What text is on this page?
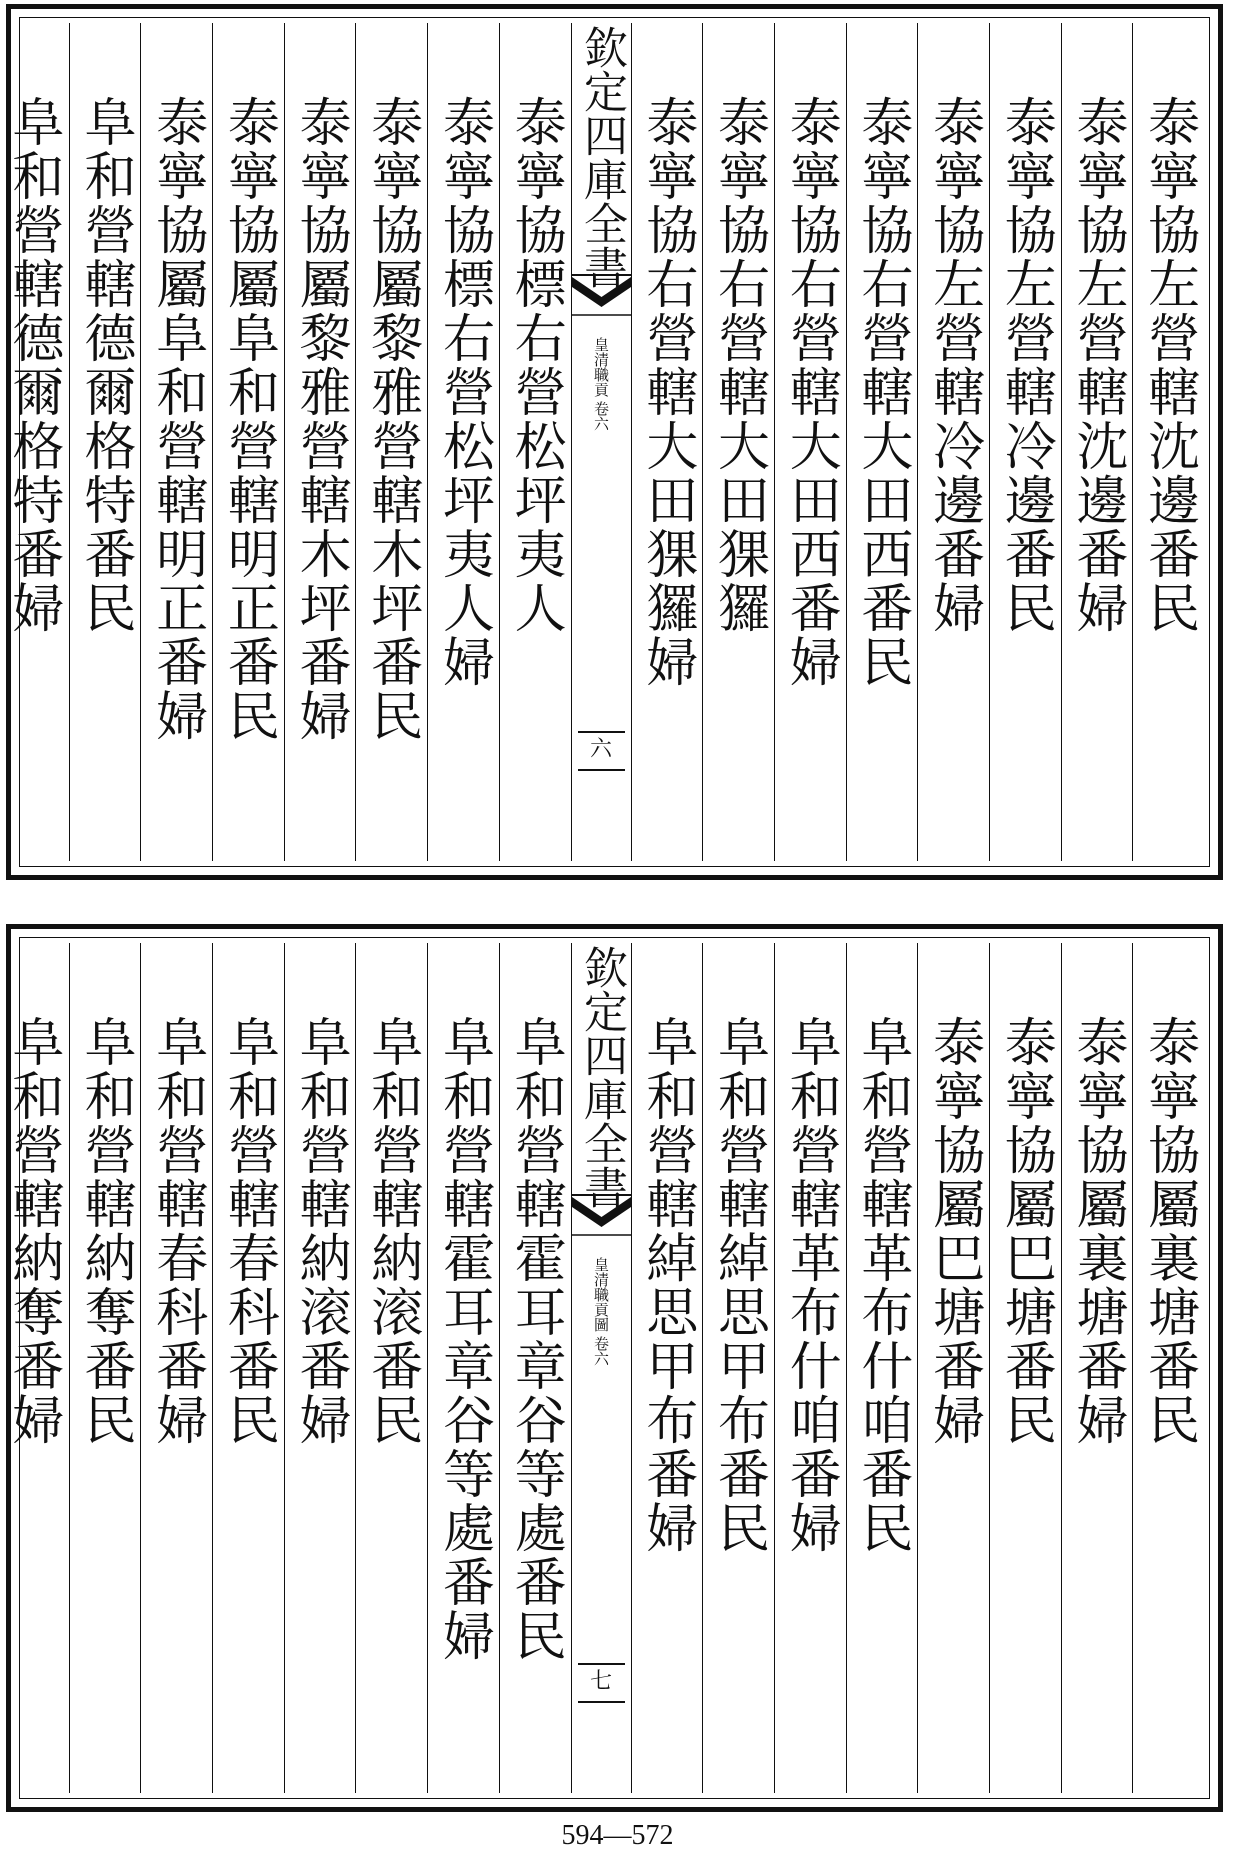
泰寧協左營轄沈邊番民
泰寧協左營轄沈邊番婦
泰寧協左營轄冷邊番民
泰寧協左營轄冷邊番婦
泰寧協右營轄大田西番民
泰寧協右營轄大田西番婦
泰寧協右營轄大田猓玀
泰寧協右營轄大田猓玀婦
欽定四庫全書
皇清職貢
卷六
六
泰寧協標右營松坪夷人
泰寧協標右營松坪夷人婦
泰寧協屬黎雅營轄木坪番民
泰寧協屬黎雅營轄木坪番婦
泰寧協屬阜和營轄明正番民
泰寧協屬阜和營轄明正番婦
阜和營轄德爾格特番民
阜和營轄德爾格特番婦
泰寧協屬裏塘番民
泰寧協屬裏塘番婦
泰寧協屬巴塘番民
泰寧協屬巴塘番婦
阜和營轄革布什咱番民
阜和營轄革布什咱番婦
阜和營轄綽思甲布番民
阜和營轄綽思甲布番婦
欽定四庫全書
皇清職貢圖
卷六
七
阜和營轄霍耳章谷等處番民
阜和營轄霍耳章谷等處番婦
阜和營轄納滚番民
阜和營轄納滚番婦
阜和營轄春科番民
阜和營轄春科番婦
阜和營轄納奪番民
阜和營轄納奪番婦
594—572
